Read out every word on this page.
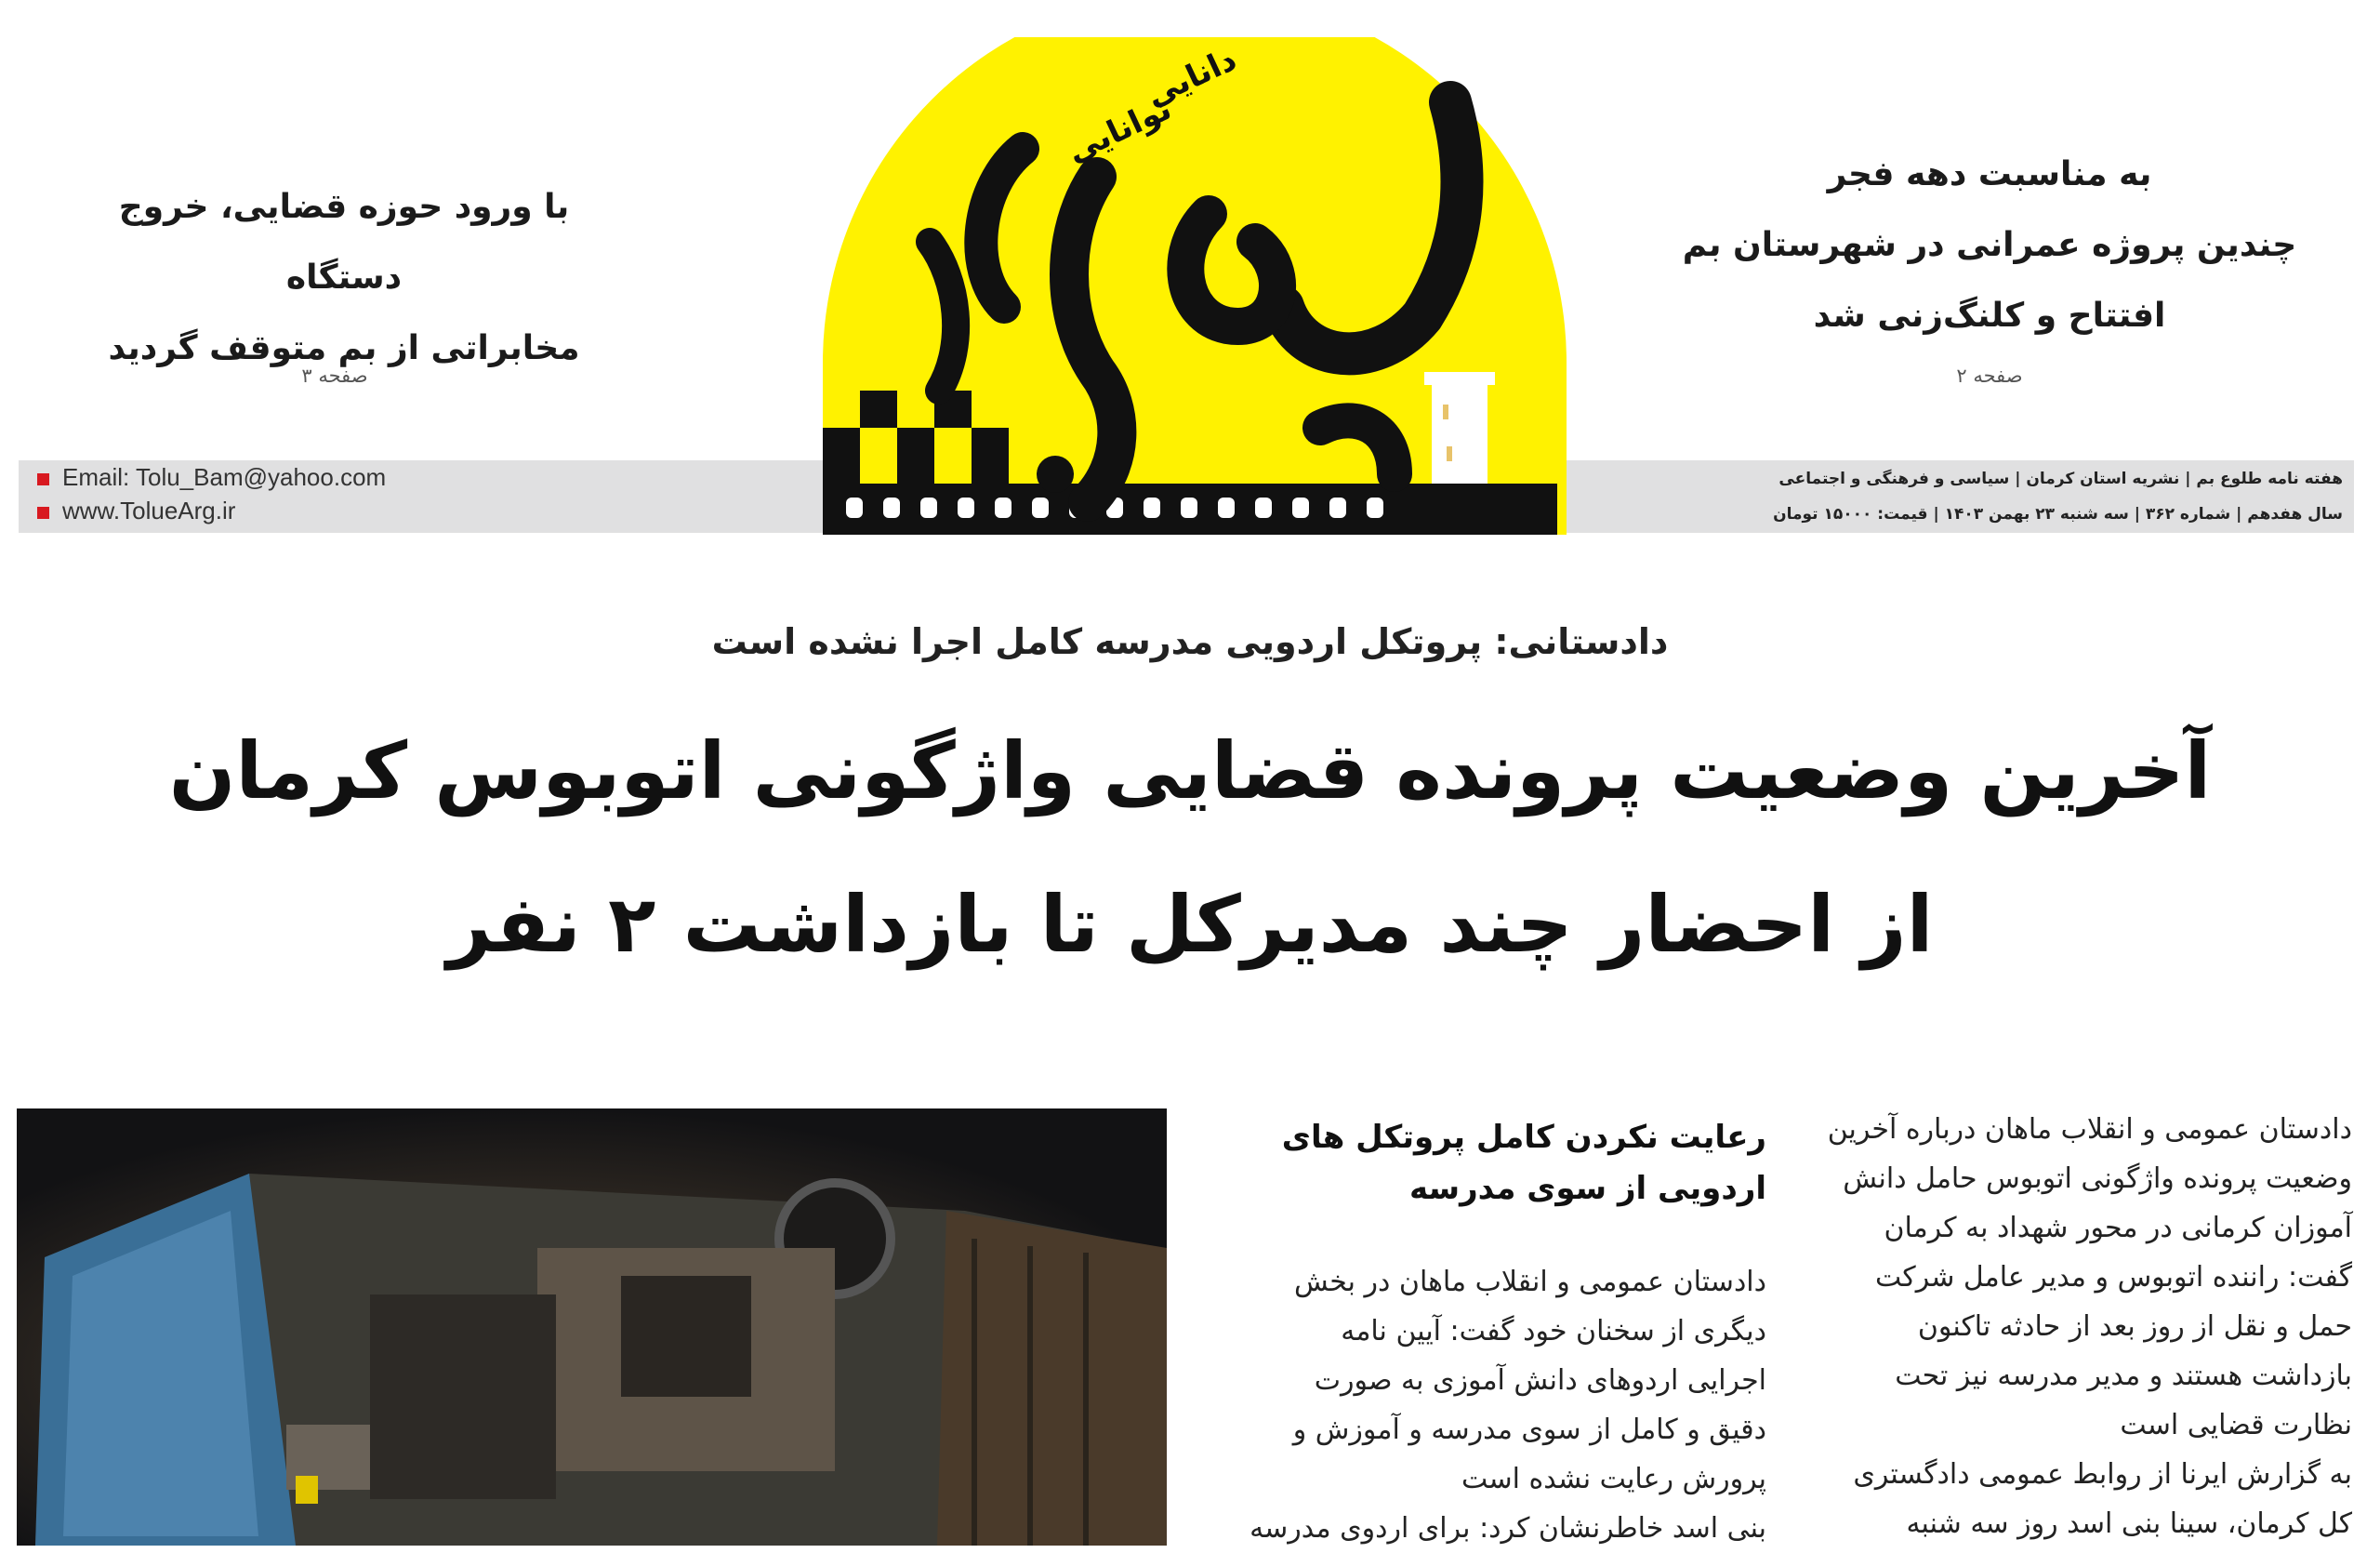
دانایی
توانایی
به مناسبت دهه فجر
چندین پروژه عمرانی در شهرستان بم
افتتاح و کلنگ‌زنی شد
صفحه ۲
با ورود حوزه قضایی، خروج دستگاه
مخابراتی از بم متوقف گردید
صفحه ۳
Email: Tolu_Bam@yahoo.com
www.TolueArg.ir
هفته نامه طلوع بم | نشریه استان کرمان | سیاسی و فرهنگی و اجتماعی
سال هفدهم | شماره ۳۶۲ | سه شنبه ۲۳ بهمن ۱۴۰۳ | قیمت: ۱۵۰۰۰ تومان
دادستانی: پروتکل اردویی مدرسه کامل اجرا نشده است
آخرین وضعیت پرونده قضایی واژگونی اتوبوس کرمان
از احضار چند مدیرکل تا بازداشت ۲ نفر
رعایت نکردن کامل پروتکل های
اردویی از سوی مدرسه

دادستان عمومی و انقلاب ماهان در بخش

دیگری از سخنان خود گفت: آیین نامه

اجرایی اردوهای دانش آموزی به صورت

دقیق و کامل از سوی مدرسه و آموزش و

پرورش رعایت نشده است

بنی اسد خاطرنشان کرد: برای اردوی مدرسه

دادستان عمومی و انقلاب ماهان درباره آخرین

وضعیت پرونده واژگونی اتوبوس حامل دانش

آموزان کرمانی در محور شهداد به کرمان

گفت: راننده اتوبوس و مدیر عامل شرکت

حمل و نقل از روز بعد از حادثه تاکنون

بازداشت هستند و مدیر مدرسه نیز تحت

نظارت قضایی است

به گزارش ایرنا از روابط عمومی دادگستری

کل کرمان، سینا بنی اسد روز سه شنبه
